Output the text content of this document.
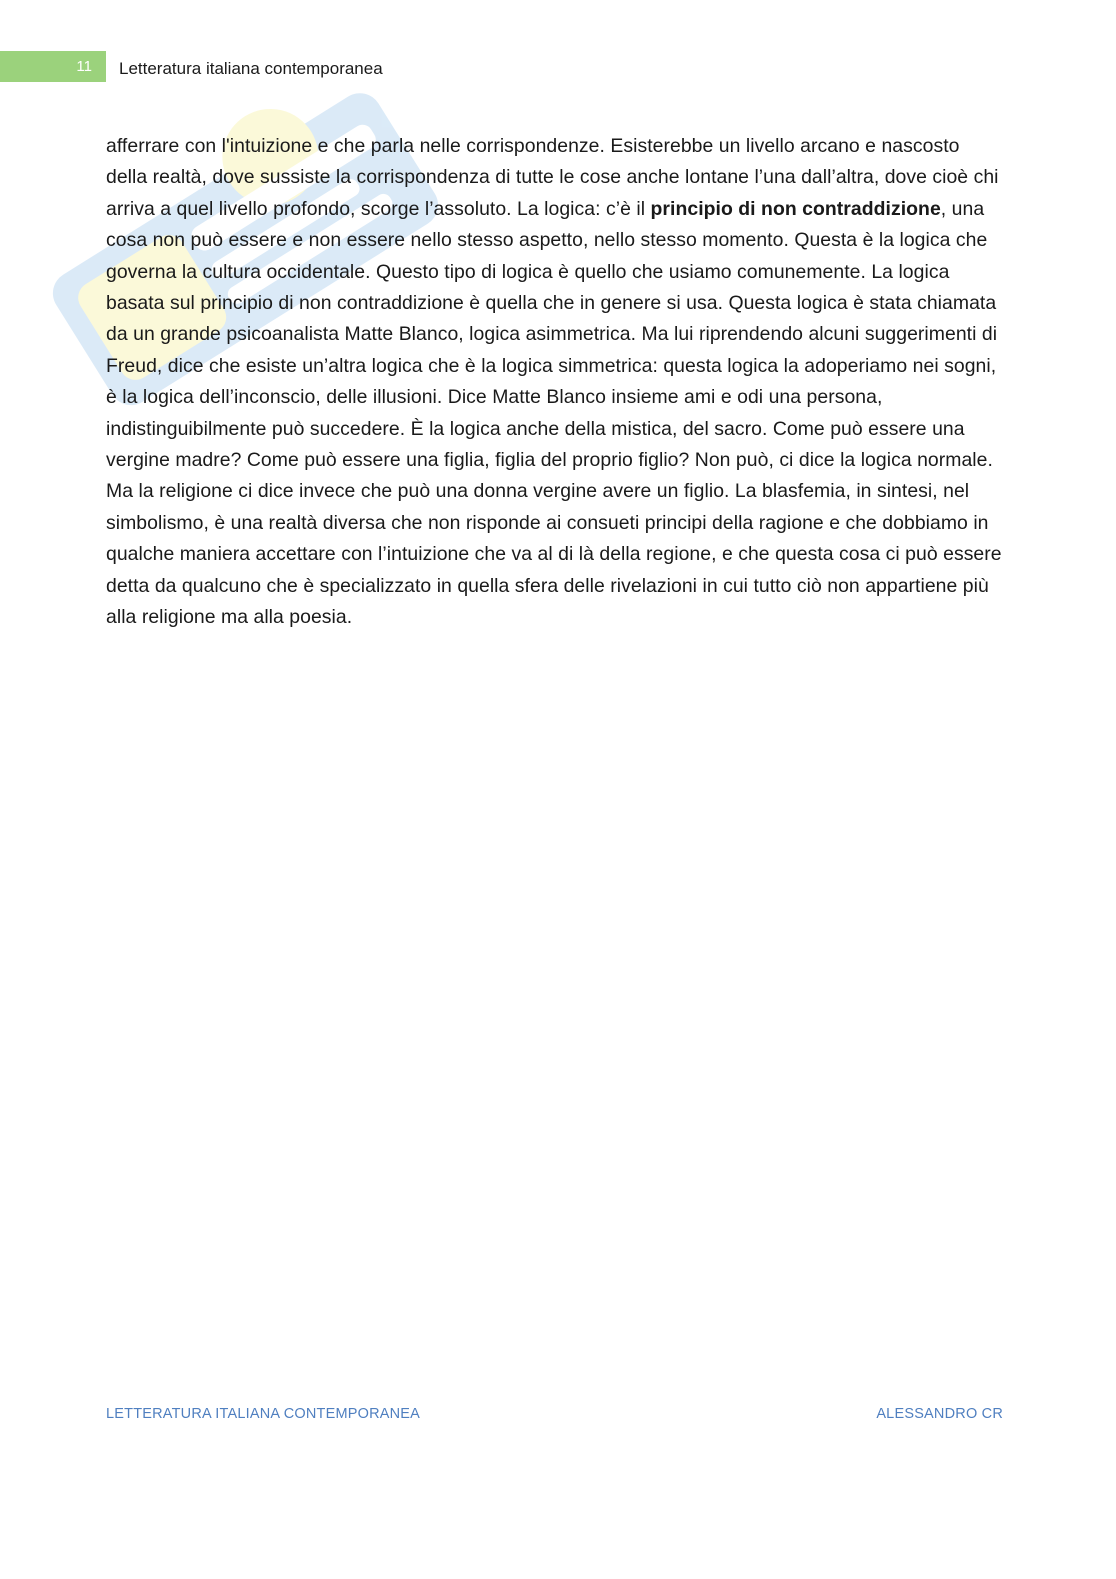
11	Letteratura italiana contemporanea

afferrare con l'intuizione e che parla nelle corrispondenze. Esisterebbe un livello arcano e nascosto della realtà, dove sussiste la corrispondenza di tutte le cose anche lontane l’una dall’altra, dove cioè chi arriva a quel livello profondo, scorge l’assoluto. La logica: c’è il principio di non contraddizione, una cosa non può essere e non essere nello stesso aspetto, nello stesso momento. Questa è la logica che governa la cultura occidentale. Questo tipo di logica è quello che usiamo comunemente. La logica basata sul principio di non contraddizione è quella che in genere si usa. Questa logica è stata chiamata da un grande psicoanalista Matte Blanco, logica asimmetrica. Ma lui riprendendo alcuni suggerimenti di Freud, dice che esiste un’altra logica che è la logica simmetrica: questa logica la adoperiamo nei sogni, è la logica dell’inconscio, delle illusioni. Dice Matte Blanco insieme ami e odi una persona, indistinguibilmente può succedere. È la logica anche della mistica, del sacro. Come può essere una vergine madre? Come può essere una figlia, figlia del proprio figlio? Non può, ci dice la logica normale. Ma la religione ci dice invece che può una donna vergine avere un figlio. La blasfemia, in sintesi, nel simbolismo, è una realtà diversa che non risponde ai consueti principi della ragione e che dobbiamo in qualche maniera accettare con l’intuizione che va al di là della regione, e che questa cosa ci può essere detta da qualcuno che è specializzato in quella sfera delle rivelazioni in cui tutto ciò non appartiene più alla religione ma alla poesia.

LETTERATURA ITALIANA CONTEMPORANEA	ALESSANDRO CR
